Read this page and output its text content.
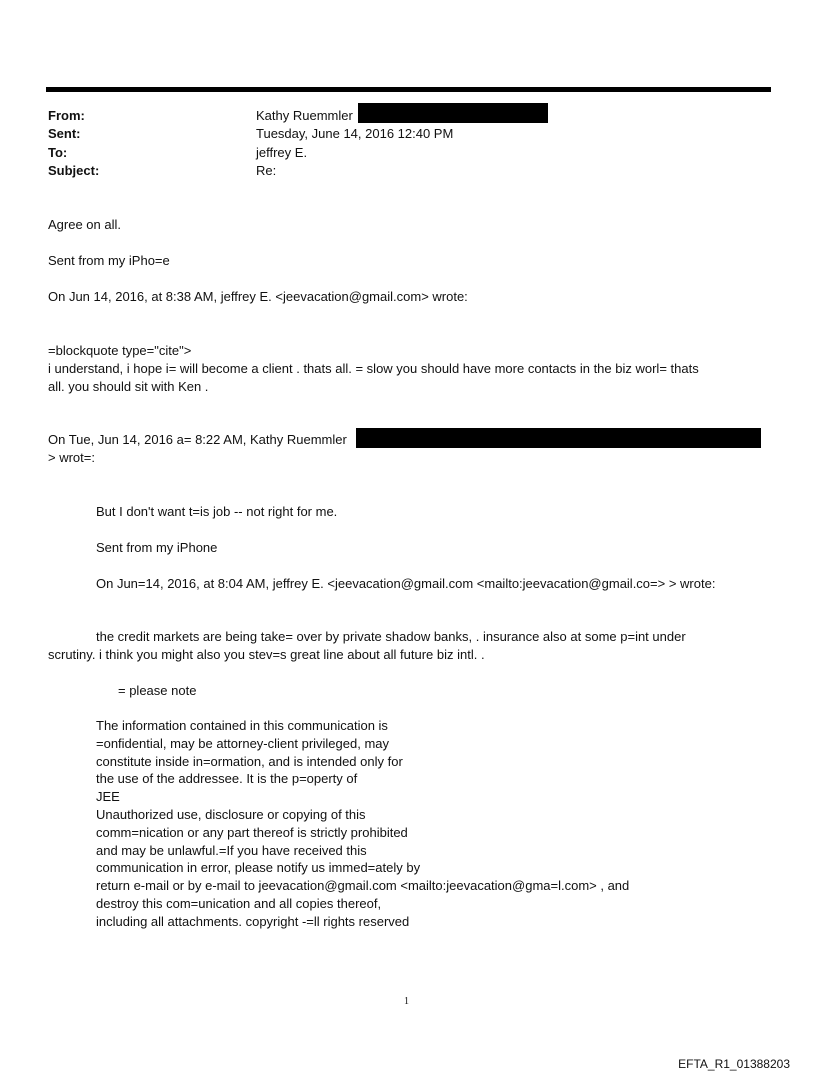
From:	Kathy Ruemmler
Sent:	Tuesday, June 14, 2016 12:40 PM
To:	jeffrey E.
Subject:	Re:
Agree on all.
Sent from my iPho=e
On Jun 14, 2016, at 8:38 AM, jeffrey E. <jeevacation@gmail.com> wrote:
=blockquote type="cite">
i understand, i hope i= will become a client . thats all. = slow you should have more contacts in the biz worl= thats
all. you should sit with Ken .
On Tue, Jun 14, 2016 a= 8:22 AM, Kathy Ruemmler
> wrot=:
But I don't want t=is job -- not right for me.
Sent from my iPhone
On Jun=14, 2016, at 8:04 AM, jeffrey E. <jeevacation@gmail.com <mailto:jeevacation@gmail.co=> > wrote:
the credit markets are being take= over by private shadow banks, . insurance also at some p=int under
scrutiny. i think you might also you stev=s great line about all future biz intl. .
= please note
The information contained in this communication is
=onfidential, may be attorney-client privileged, may
constitute inside in=ormation, and is intended only for
the use of the addressee. It is the p=operty of
JEE
Unauthorized use, disclosure or copying of this
comm=nication or any part thereof is strictly prohibited
and may be unlawful.=If you have received this
communication in error, please notify us immed=ately by
return e-mail or by e-mail to jeevacation@gmail.com <mailto:jeevacation@gma=l.com> , and
destroy this com=unication and all copies thereof,
including all attachments. copyright -=ll rights reserved
1
EFTA_R1_01388203
